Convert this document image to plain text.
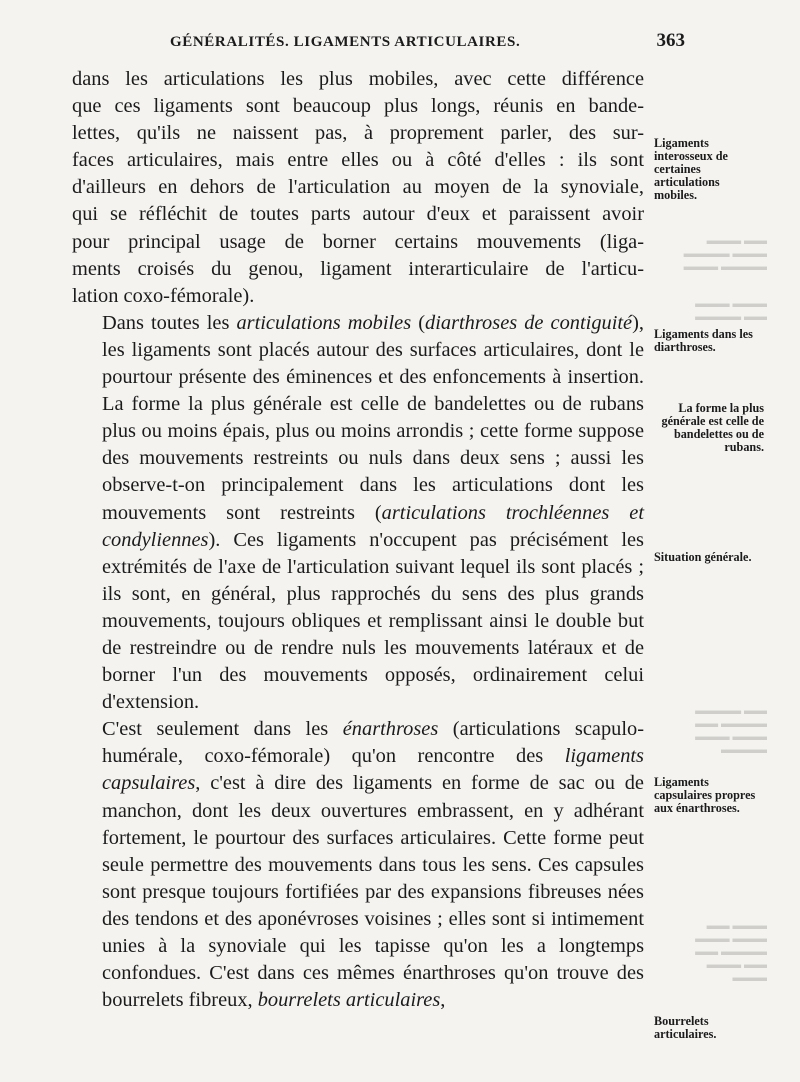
GÉNÉRALITÉS. LIGAMENTS ARTICULAIRES.	363

dans les articulations les plus mobiles, avec cette différence

que ces ligaments sont beaucoup plus longs, réunis en bande-

lettes, qu'ils ne naissent pas, à proprement parler, des sur-

faces articulaires, mais entre elles ou à côté d'elles : ils sont

d'ailleurs en dehors de l'articulation au moyen de la synoviale,

qui se réfléchit de toutes parts autour d'eux et paraissent avoir

pour principal usage de borner certains mouvements (liga-

ments croisés du genou, ligament interarticulaire de l'articu-

lation coxo-fémorale).

Dans toutes les articulations mobiles (diarthroses de contiguité), les ligaments sont placés autour des surfaces articulaires, dont le pourtour présente des éminences et des enfoncements à insertion. La forme la plus générale est celle de bandelettes ou de rubans plus ou moins épais, plus ou moins arrondis ; cette forme suppose des mouvements restreints ou nuls dans deux sens ; aussi les observe-t-on principalement dans les articulations dont les mouvements sont restreints (articulations trochléennes et condyliennes). Ces ligaments n'occupent pas précisément les extrémités de l'axe de l'articulation suivant lequel ils sont placés ; ils sont, en général, plus rapprochés du sens des plus grands mouvements, toujours obliques et remplissant ainsi le double but de restreindre ou de rendre nuls les mouvements latéraux et de borner l'un des mouvements opposés, ordinairement celui d'extension.

C'est seulement dans les énarthroses (articulations scapulo-humérale, coxo-fémorale) qu'on rencontre des ligaments capsulaires, c'est à dire des ligaments en forme de sac ou de manchon, dont les deux ouvertures embrassent, en y adhérant fortement, le pourtour des surfaces articulaires. Cette forme peut seule permettre des mouvements dans tous les sens. Ces capsules sont presque toujours fortifiées par des expansions fibreuses nées des tendons et des aponévroses voisines ; elles sont si intimement unies à la synoviale qui les tapisse qu'on les a longtemps confondues. C'est dans ces mêmes énarthroses qu'on trouve des bourrelets fibreux, bourrelets articulaires,

Ligaments interosseux de certaines articulations mobiles.
Ligaments dans les diarthroses.
La forme la plus générale est celle de bandelettes ou de rubans.
Situation générale.
Ligaments capsulaires propres aux énarthroses.
Bourrelets articulaires.
▬▬▬ ▬▬
▬▬▬▬ ▬▬▬
▬▬▬ ▬▬▬▬
▬▬▬ ▬▬▬
▬▬▬▬ ▬▬
▬▬▬▬ ▬▬
▬▬ ▬▬▬▬
▬▬▬ ▬▬▬
▬▬▬▬
▬▬ ▬▬▬
▬▬▬ ▬▬▬
▬▬ ▬▬▬▬
▬▬▬ ▬▬
▬▬▬
